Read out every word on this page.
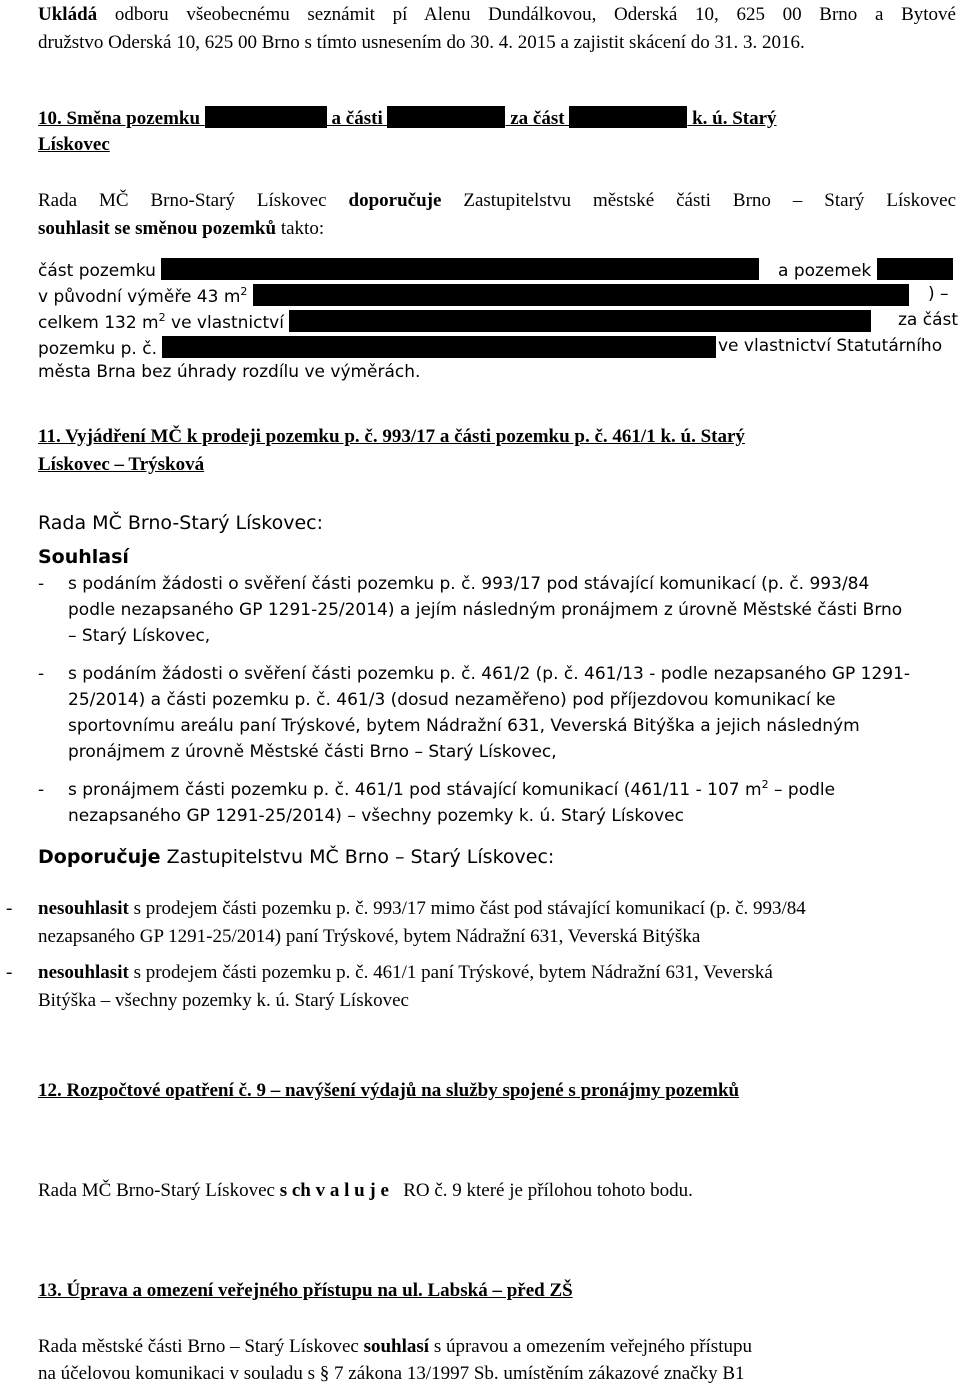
Ukládá odboru všeobecnému seznámit pí Alenu Dundálkovou, Oderská 10, 625 00 Brno a Bytové
družstvo Oderská 10, 625 00 Brno s tímto usnesením do 30. 4. 2015 a zajistit skácení do 31. 3. 2016.
10. Směna pozemku	a části	za část	k. ú. Starý
Lískovec
Rada MČ Brno-Starý Lískovec doporučuje Zastupitelstvu městské části Brno – Starý Lískovec
souhlasit se směnou pozemků takto:
část pozemku	a pozemek
v původní výměře 43 $m^2$	) –
celkem 132 $m^2$ ve vlastnictví	za část
pozemku p. č.	ve vlastnictví Statutárního
města Brna bez úhrady rozdílu ve výměrách.
11. Vyjádření MČ k prodeji pozemku p. č. 993/17 a části pozemku p. č. 461/1 k. ú. Starý
Lískovec – Trýsková
Rada MČ Brno-Starý Lískovec:
Souhlasí
- s podáním žádosti o svěření části pozemku p. č. 993/17 pod stávající komunikací (p. č. 993/84
podle nezapsaného GP 1291-25/2014) a jejím následným pronájmem z úrovně Městské části Brno
– Starý Lískovec,
- s podáním žádosti o svěření části pozemku p. č. 461/2 (p. č. 461/13 - podle nezapsaného GP 1291-
25/2014) a části pozemku p. č. 461/3 (dosud nezaměřeno) pod příjezdovou komunikací ke
sportovnímu areálu paní Trýskové, bytem Nádražní 631, Veverská Bitýška a jejich následným
pronájmem z úrovně Městské části Brno – Starý Lískovec,
- s pronájmem části pozemku p. č. 461/1 pod stávající komunikací (461/11 - 107 $m^2$ – podle
nezapsaného GP 1291-25/2014) – všechny pozemky k. ú. Starý Lískovec
Doporučuje Zastupitelstvu MČ Brno – Starý Lískovec:
- nesouhlasit s prodejem části pozemku p. č. 993/17 mimo část pod stávající komunikací (p. č. 993/84
nezapsaného GP 1291-25/2014) paní Trýskové, bytem Nádražní 631, Veverská Bitýška
- nesouhlasit s prodejem části pozemku p. č. 461/1 paní Trýskové, bytem Nádražní 631, Veverská
Bitýška – všechny pozemky k. ú. Starý Lískovec
12. Rozpočtové opatření č. 9 – navýšení výdajů na služby spojené s pronájmy pozemků
Rada MČ Brno-Starý Lískovec s ch v a l u j e   RO č. 9 které je přílohou tohoto bodu.
13. Úprava a omezení veřejného přístupu na ul. Labská – před ZŠ
Rada městské části Brno – Starý Lískovec souhlasí s úpravou a omezením veřejného přístupu
na účelovou komunikaci v souladu s § 7 zákona 13/1997 Sb. umístěním zákazové značky B1
